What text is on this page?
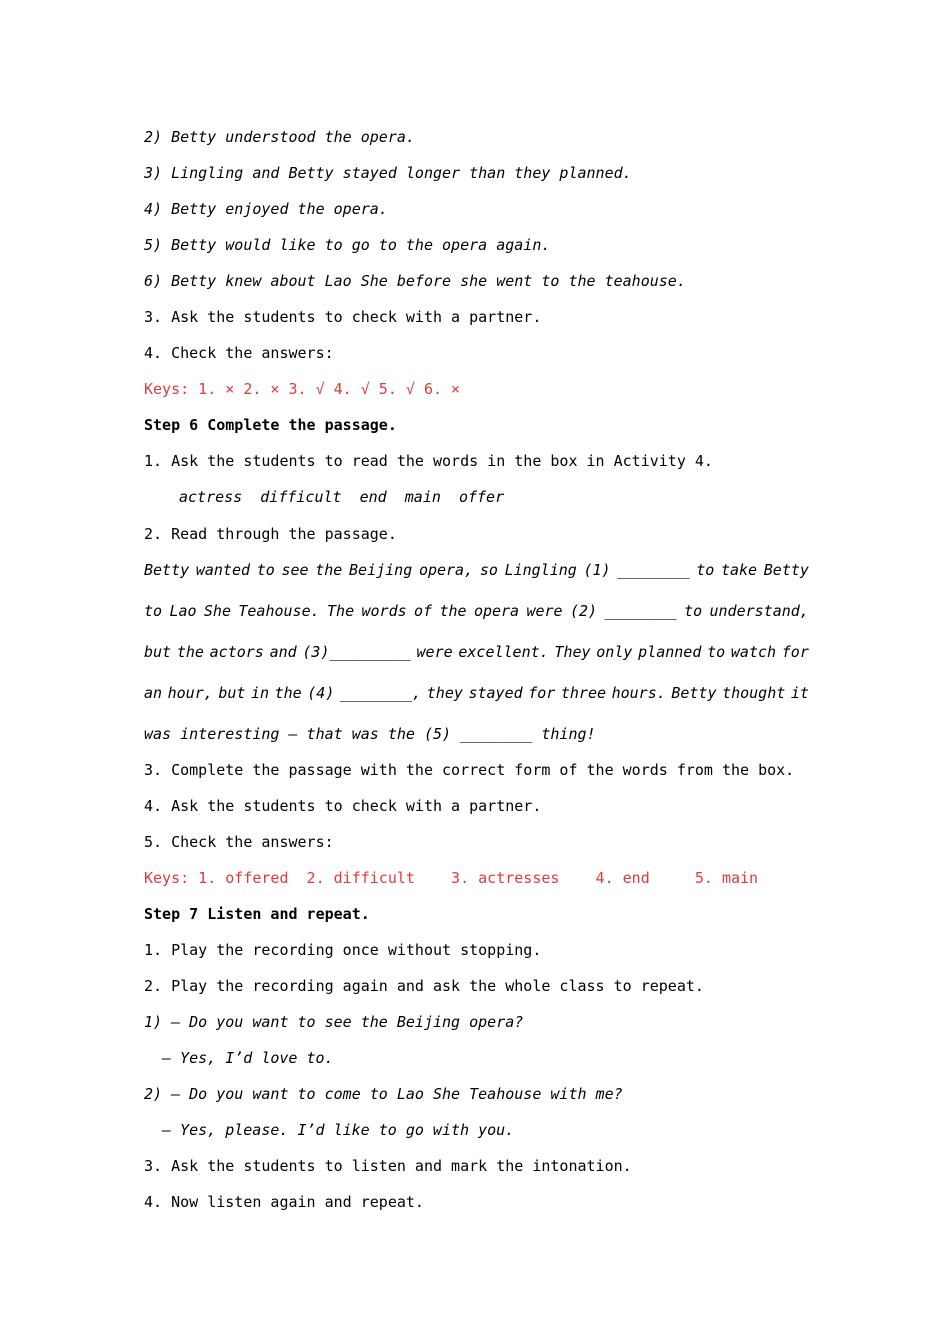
2) Betty understood the opera.
3) Lingling and Betty stayed longer than they planned.
4) Betty enjoyed the opera.
5) Betty would like to go to the opera again.
6) Betty knew about Lao She before she went to the teahouse.
3. Ask the students to check with a partner.
4. Check the answers:
Keys: 1. × 2. × 3. √ 4. √ 5. √ 6. ×
Step 6 Complete the passage.
1. Ask the students to read the words in the box in Activity 4.
actress  difficult  end  main  offer
2. Read through the passage.
Betty wanted to see the Beijing opera, so Lingling (1) ________ to take Betty
to Lao She Teahouse. The words of the opera were (2) ________ to understand,
but the actors and (3)_________ were excellent. They only planned to watch for
an hour, but in the (4) ________, they stayed for three hours. Betty thought it
was interesting — that was the (5) ________ thing!
3. Complete the passage with the correct form of the words from the box.
4. Ask the students to check with a partner.
5. Check the answers:
Keys: 1. offered  2. difficult    3. actresses    4. end     5. main
Step 7 Listen and repeat.
1. Play the recording once without stopping.
2. Play the recording again and ask the whole class to repeat.
1) — Do you want to see the Beijing opera?
— Yes, I’d love to.
2) — Do you want to come to Lao She Teahouse with me?
— Yes, please. I’d like to go with you.
3. Ask the students to listen and mark the intonation.
4. Now listen again and repeat.
